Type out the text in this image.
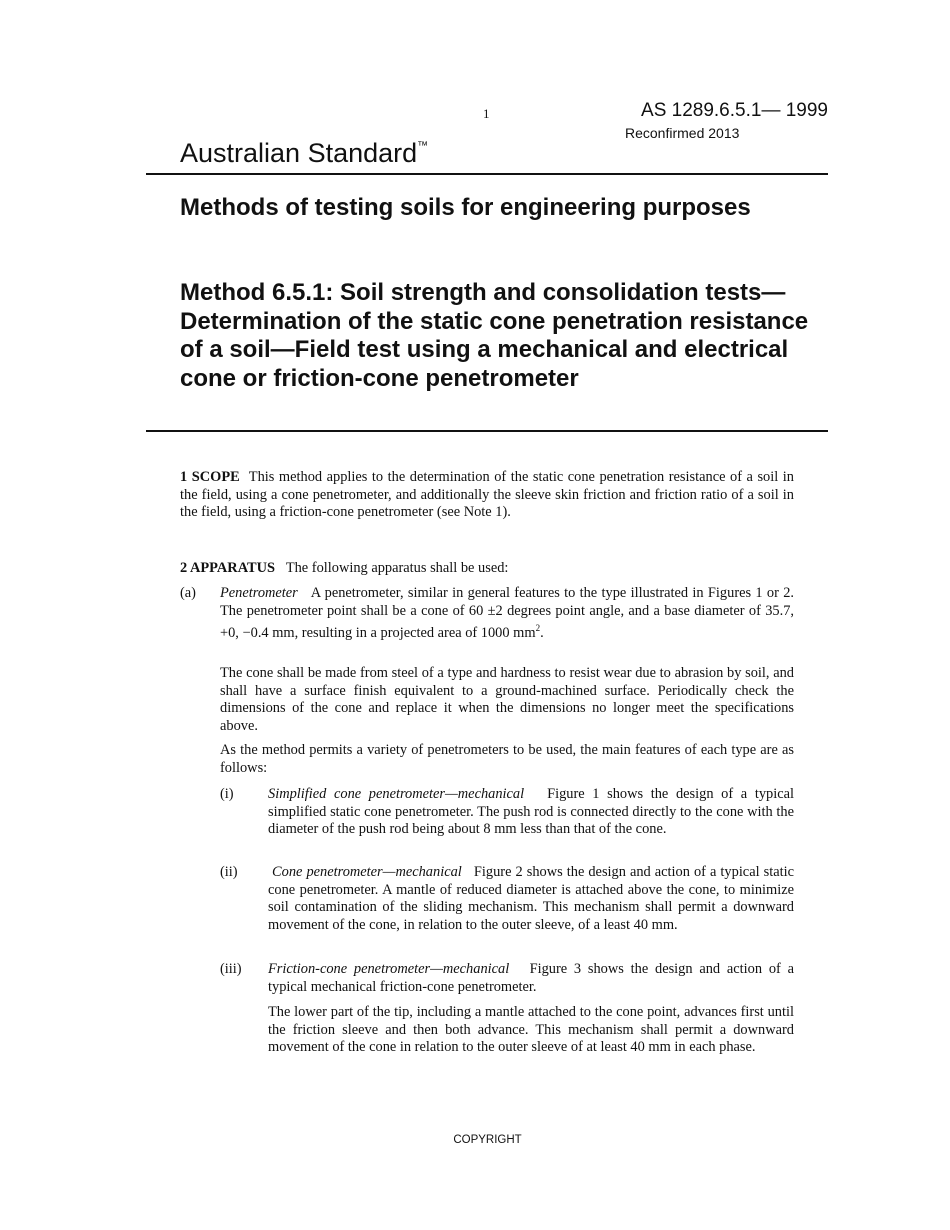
1	AS 1289.6.5.1— 1999
Reconfirmed 2013
Australian Standard™
Methods of testing soils for engineering purposes
Method 6.5.1: Soil strength and consolidation tests—Determination of the static cone penetration resistance of a soil—Field test using a mechanical and electrical cone or friction-cone penetrometer

1 SCOPE This method applies to the determination of the static cone penetration resistance of a soil in the field, using a cone penetrometer, and additionally the sleeve skin friction and friction ratio of a soil in the field, using a friction-cone penetrometer (see Note 1).

2 APPARATUS The following apparatus shall be used:

(a) Penetrometer A penetrometer, similar in general features to the type illustrated in Figures 1 or 2. The penetrometer point shall be a cone of 60 ±2 degrees point angle, and a base diameter of 35.7, +0, −0.4 mm, resulting in a projected area of 1000 $mm^2$.

The cone shall be made from steel of a type and hardness to resist wear due to abrasion by soil, and shall have a surface finish equivalent to a ground-machined surface. Periodically check the dimensions of the cone and replace it when the dimensions no longer meet the specifications above.

As the method permits a variety of penetrometers to be used, the main features of each type are as follows:

(i) Simplified cone penetrometer—mechanical Figure 1 shows the design of a typical simplified static cone penetrometer. The push rod is connected directly to the cone with the diameter of the push rod being about 8 mm less than that of the cone.

(ii) Cone penetrometer—mechanical Figure 2 shows the design and action of a typical static cone penetrometer. A mantle of reduced diameter is attached above the cone, to minimize soil contamination of the sliding mechanism. This mechanism shall permit a downward movement of the cone, in relation to the outer sleeve, of a least 40 mm.

(iii) Friction-cone penetrometer—mechanical Figure 3 shows the design and action of a typical mechanical friction-cone penetrometer.

The lower part of the tip, including a mantle attached to the cone point, advances first until the friction sleeve and then both advance. This mechanism shall permit a downward movement of the cone in relation to the outer sleeve of at least 40 mm in each phase.

COPYRIGHT
